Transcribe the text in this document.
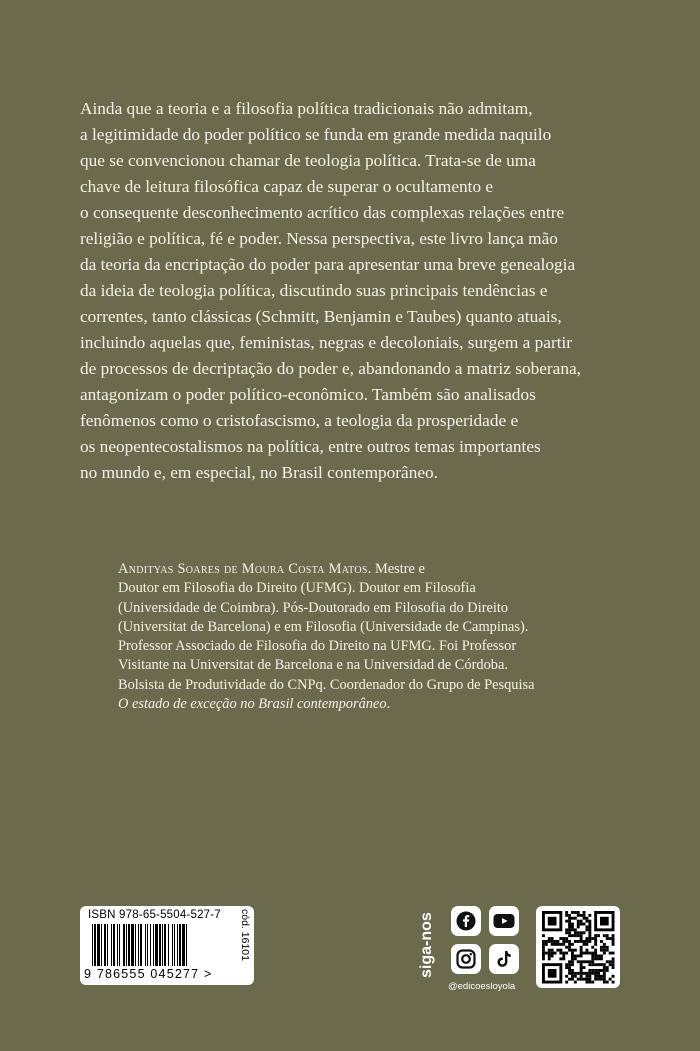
Ainda que a teoria e a filosofia política tradicionais não admitam,
a legitimidade do poder político se funda em grande medida naquilo
que se convencionou chamar de teologia política. Trata-se de uma
chave de leitura filosófica capaz de superar o ocultamento e
o consequente desconhecimento acrítico das complexas relações entre
religião e política, fé e poder. Nessa perspectiva, este livro lança mão
da teoria da encriptação do poder para apresentar uma breve genealogia
da ideia de teologia política, discutindo suas principais tendências e
correntes, tanto clássicas (Schmitt, Benjamin e Taubes) quanto atuais,
incluindo aquelas que, feministas, negras e decoloniais, surgem a partir
de processos de decriptação do poder e, abandonando a matriz soberana,
antagonizam o poder político-econômico. Também são analisados
fenômenos como o cristofascismo, a teologia da prosperidade e
os neopentecostalismos na política, entre outros temas importantes
no mundo e, em especial, no Brasil contemporâneo.
Andityas Soares de Moura Costa Matos. Mestre e
Doutor em Filosofia do Direito (UFMG). Doutor em Filosofia
(Universidade de Coimbra). Pós-Doutorado em Filosofia do Direito
(Universitat de Barcelona) e em Filosofia (Universidade de Campinas).
Professor Associado de Filosofia do Direito na UFMG. Foi Professor
Visitante na Universitat de Barcelona e na Universidad de Córdoba.
Bolsista de Produtividade do CNPq. Coordenador do Grupo de Pesquisa
O estado de exceção no Brasil contemporâneo.
ISBN 978-65-5504-527-7
9 786555 045277 >
cód. 16101	siga-nos
@edicoesloyola
